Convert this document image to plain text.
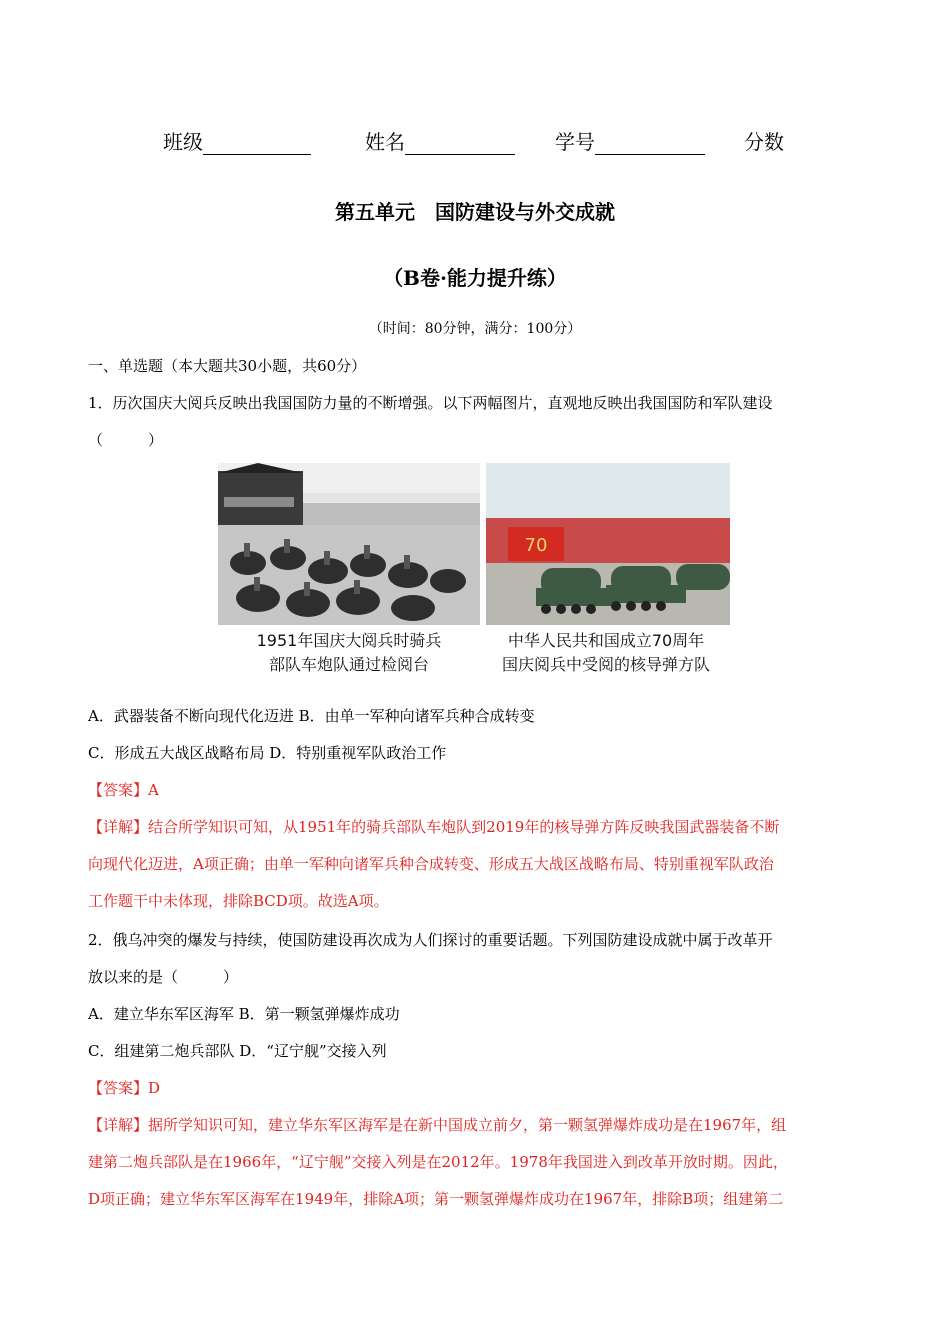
班级	姓名	学号	分数
第五单元　国防建设与外交成就
（B卷·能力提升练）
（时间：80分钟，满分：100分）
一、单选题（本大题共30小题，共60分）
1．历次国庆大阅兵反映出我国国防力量的不断增强。以下两幅图片，直观地反映出我国国防和军队建设
（　　　）
70
1951年国庆大阅兵时骑兵
部队车炮队通过检阅台
中华人民共和国成立70周年
国庆阅兵中受阅的核导弹方队
A．武器装备不断向现代化迈进 B．由单一军种向诸军兵种合成转变
C．形成五大战区战略布局 D．特别重视军队政治工作
【答案】A
【详解】结合所学知识可知，从1951年的骑兵部队车炮队到2019年的核导弹方阵反映我国武器装备不断
向现代化迈进，A项正确；由单一军种向诸军兵种合成转变、形成五大战区战略布局、特别重视军队政治
工作题干中未体现，排除BCD项。故选A项。
2．俄乌冲突的爆发与持续，使国防建设再次成为人们探讨的重要话题。下列国防建设成就中属于改革开
放以来的是（　　　）
A．建立华东军区海军 B．第一颗氢弹爆炸成功
C．组建第二炮兵部队 D．“辽宁舰”交接入列
【答案】D
【详解】据所学知识可知，建立华东军区海军是在新中国成立前夕，第一颗氢弹爆炸成功是在1967年，组
建第二炮兵部队是在1966年，“辽宁舰”交接入列是在2012年。1978年我国进入到改革开放时期。因此，
D项正确；建立华东军区海军在1949年，排除A项；第一颗氢弹爆炸成功在1967年，排除B项；组建第二
